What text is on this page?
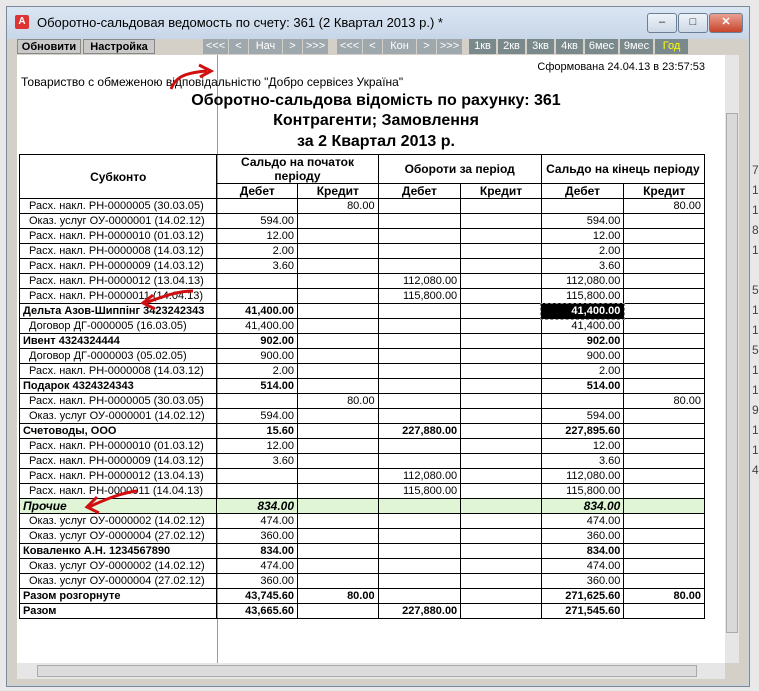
A Оборотно-сальдовая ведомость по счету: 361 (2 Квартал 2013 р.) *	–	□	✕
Обновити	Настройка	<<< <	Нач	> >>>	<<< <	Кон	> >>>	1кв	2кв	3кв	4кв 6мес 9мес	Год
Сформована 24.04.13 в 23:57:53
Товариство с обмеженою відповідальністю "Добро сервісез Україна"
Оборотно-сальдова відомість по рахунку: 361
Контрагенти; Замовлення
за 2 Квартал 2013 р.
Субконто	Сальдо на початок періоду		Обороти за період		Сальдо на кінець періоду	
	Дебет	Кредит	Дебет	Кредит	Дебет	Кредит
Расх. накл. РН-0000005 (30.03.05)		80.00				80.00
Оказ. услуг ОУ-0000001 (14.02.12)	594.00				594.00	
Расх. накл. РН-0000010 (01.03.12)	12.00				12.00	
Расх. накл. РН-0000008 (14.03.12)	2.00				2.00	
Расх. накл. РН-0000009 (14.03.12)	3.60				3.60	
Расх. накл. РН-0000012 (13.04.13)			112,080.00		112,080.00	
Расх. накл. РН-0000011 (14.04.13)			115,800.00		115,800.00	
Дельта Азов-Шиппінг 3423242343	41,400.00				41,400.00	
Договор ДГ-0000005 (16.03.05)	41,400.00				41,400.00	
Ивент 4324324444	902.00				902.00	
Договор ДГ-0000003 (05.02.05)	900.00				900.00	
Расх. накл. РН-0000008 (14.03.12)	2.00				2.00	
Подарок 4324324343	514.00				514.00	
Расх. накл. РН-0000005 (30.03.05)		80.00				80.00
Оказ. услуг ОУ-0000001 (14.02.12)	594.00				594.00	
Счетоводы, ООО	15.60		227,880.00		227,895.60	
Расх. накл. РН-0000010 (01.03.12)	12.00				12.00	
Расх. накл. РН-0000009 (14.03.12)	3.60				3.60	
Расх. накл. РН-0000012 (13.04.13)			112,080.00		112,080.00	
Расх. накл. РН-0000011 (14.04.13)			115,800.00		115,800.00	
Прочие	834.00				834.00	
Оказ. услуг ОУ-0000002 (14.02.12)	474.00				474.00	
Оказ. услуг ОУ-0000004 (27.02.12)	360.00				360.00	
Коваленко А.Н. 1234567890	834.00				834.00	
Оказ. услуг ОУ-0000002 (14.02.12)	474.00				474.00	
Оказ. услуг ОУ-0000004 (27.02.12)	360.00				360.00	
Разом розгорнуте	43,745.60	80.00			271,625.60	80.00
Разом	43,665.60		227,880.00		271,545.60	
7
1
1
8
1

5
1
1
5
1
1
9
1
1
4
